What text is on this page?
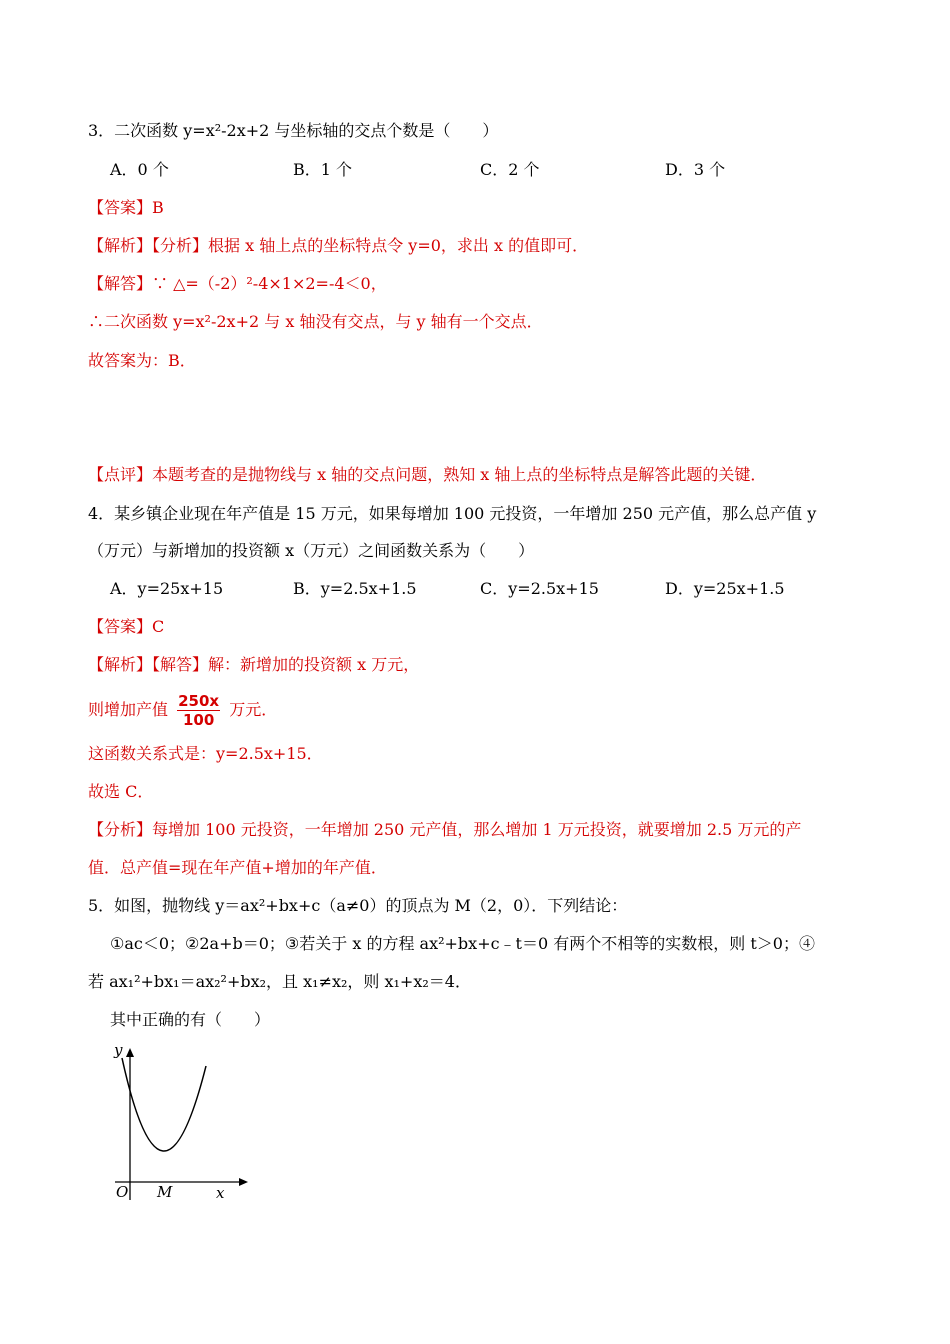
3．二次函数 y=x²-2x+2 与坐标轴的交点个数是（　　）
A．0 个	B．1 个	C．2 个	D．3 个
【答案】B
【解析】【分析】根据 x 轴上点的坐标特点令 y=0，求出 x 的值即可．
【解答】∵ △=（-2）²-4×1×2=-4＜0，
∴二次函数 y=x²-2x+2 与 x 轴没有交点，与 y 轴有一个交点．
故答案为：B．
【点评】本题考查的是抛物线与 x 轴的交点问题，熟知 x 轴上点的坐标特点是解答此题的关键．
4．某乡镇企业现在年产值是 15 万元，如果每增加 100 元投资，一年增加 250 元产值，那么总产值 y
（万元）与新增加的投资额 x（万元）之间函数关系为（　　）
A．y=25x+15	B．y=2.5x+1.5	C．y=2.5x+15	D．y=25x+1.5
【答案】C
【解析】【解答】解：新增加的投资额 x 万元，
则增加产值 $\frac{250x}{100}$ 万元．
这函数关系式是：y=2.5x+15．
故选 C．
【分析】每增加 100 元投资，一年增加 250 元产值，那么增加 1 万元投资，就要增加 2.5 万元的产
值．总产值=现在年产值+增加的年产值．
5．如图，抛物线 y＝ax²+bx+c（a≠0）的顶点为 M（2，0）．下列结论：
①ac＜0；②2a+b＝0；③若关于 x 的方程 ax²+bx+c﹣t＝0 有两个不相等的实数根，则 t＞0；④
若 ax₁²+bx₁＝ax₂²+bx₂，且 x₁≠x₂，则 x₁+x₂＝4．
其中正确的有（　　）
y
x
O M
